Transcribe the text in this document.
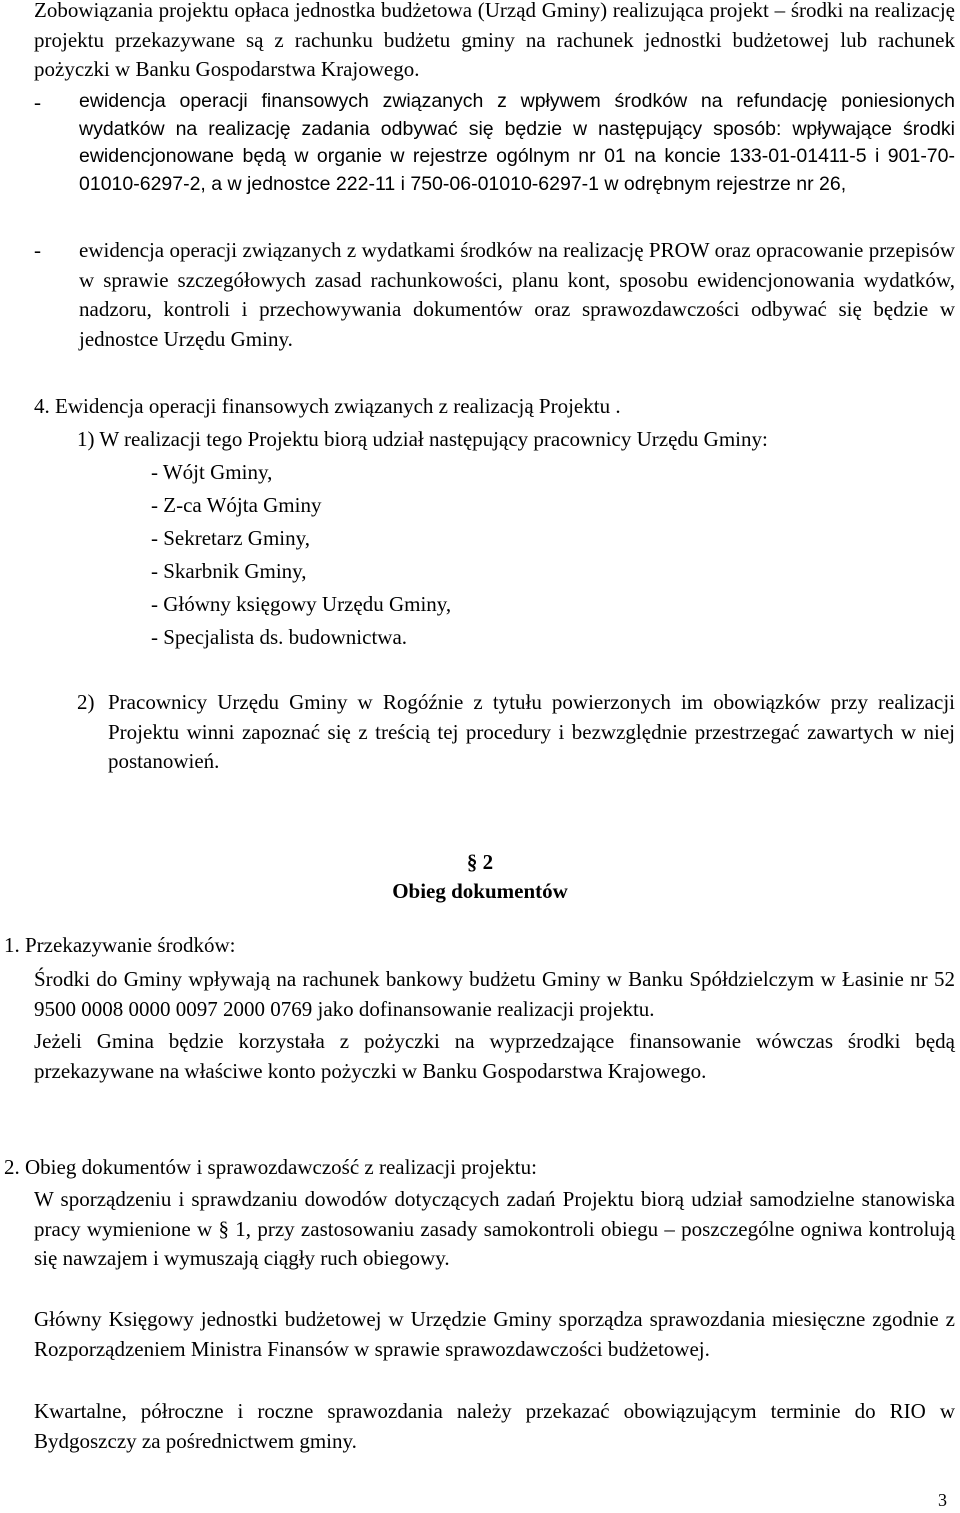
Zobowiązania projektu opłaca jednostka budżetowa (Urząd Gminy) realizująca projekt – środki na realizację projektu przekazywane są z rachunku budżetu gminy na rachunek jednostki budżetowej lub rachunek pożyczki w Banku Gospodarstwa Krajowego.

- ewidencja operacji finansowych związanych z wpływem środków na refundację poniesionych wydatków na realizację zadania odbywać się będzie w następujący sposób: wpływające środki ewidencjonowane będą w organie w rejestrze ogólnym nr 01 na koncie 133-01-01411-5 i 901-70-01010-6297-2, a w jednostce 222-11 i 750-06-01010-6297-1 w odrębnym rejestrze nr 26,
- ewidencja operacji związanych z wydatkami środków na realizację PROW oraz opracowanie przepisów w sprawie szczegółowych zasad rachunkowości, planu kont, sposobu ewidencjonowania wydatków, nadzoru, kontroli i przechowywania dokumentów oraz sprawozdawczości odbywać się będzie w jednostce Urzędu Gminy.
4. Ewidencja operacji finansowych związanych z realizacją Projektu .
1) W realizacji tego Projektu biorą udział następujący pracownicy Urzędu Gminy:
- Wójt Gminy,
- Z-ca Wójta Gminy
- Sekretarz Gminy,
- Skarbnik Gminy,
- Główny księgowy Urzędu Gminy,
- Specjalista ds. budownictwa.
2) Pracownicy Urzędu Gminy w Rogóźnie z tytułu powierzonych im obowiązków przy realizacji Projektu winni zapoznać się z treścią tej procedury i bezwzględnie przestrzegać zawartych w niej postanowień.
§ 2
Obieg dokumentów
1. Przekazywanie środków:

Środki do Gminy wpływają na rachunek bankowy budżetu Gminy w Banku Spółdzielczym w Łasinie nr 52 9500 0008 0000 0097 2000 0769 jako dofinansowanie realizacji projektu.

Jeżeli Gmina będzie korzystała z pożyczki na wyprzedzające finansowanie wówczas środki będą przekazywane na właściwe konto pożyczki w Banku Gospodarstwa Krajowego.

2. Obieg dokumentów i sprawozdawczość z realizacji projektu:

W sporządzeniu i sprawdzaniu dowodów dotyczących zadań Projektu biorą udział samodzielne stanowiska pracy wymienione w § 1, przy zastosowaniu zasady samokontroli obiegu – poszczególne ogniwa kontrolują się nawzajem i wymuszają ciągły ruch obiegowy.

Główny Księgowy jednostki budżetowej w Urzędzie Gminy sporządza sprawozdania miesięczne zgodnie z Rozporządzeniem Ministra Finansów w sprawie sprawozdawczości budżetowej.

Kwartalne, półroczne i roczne sprawozdania należy przekazać obowiązującym terminie do RIO w Bydgoszczy za pośrednictwem gminy.

3
